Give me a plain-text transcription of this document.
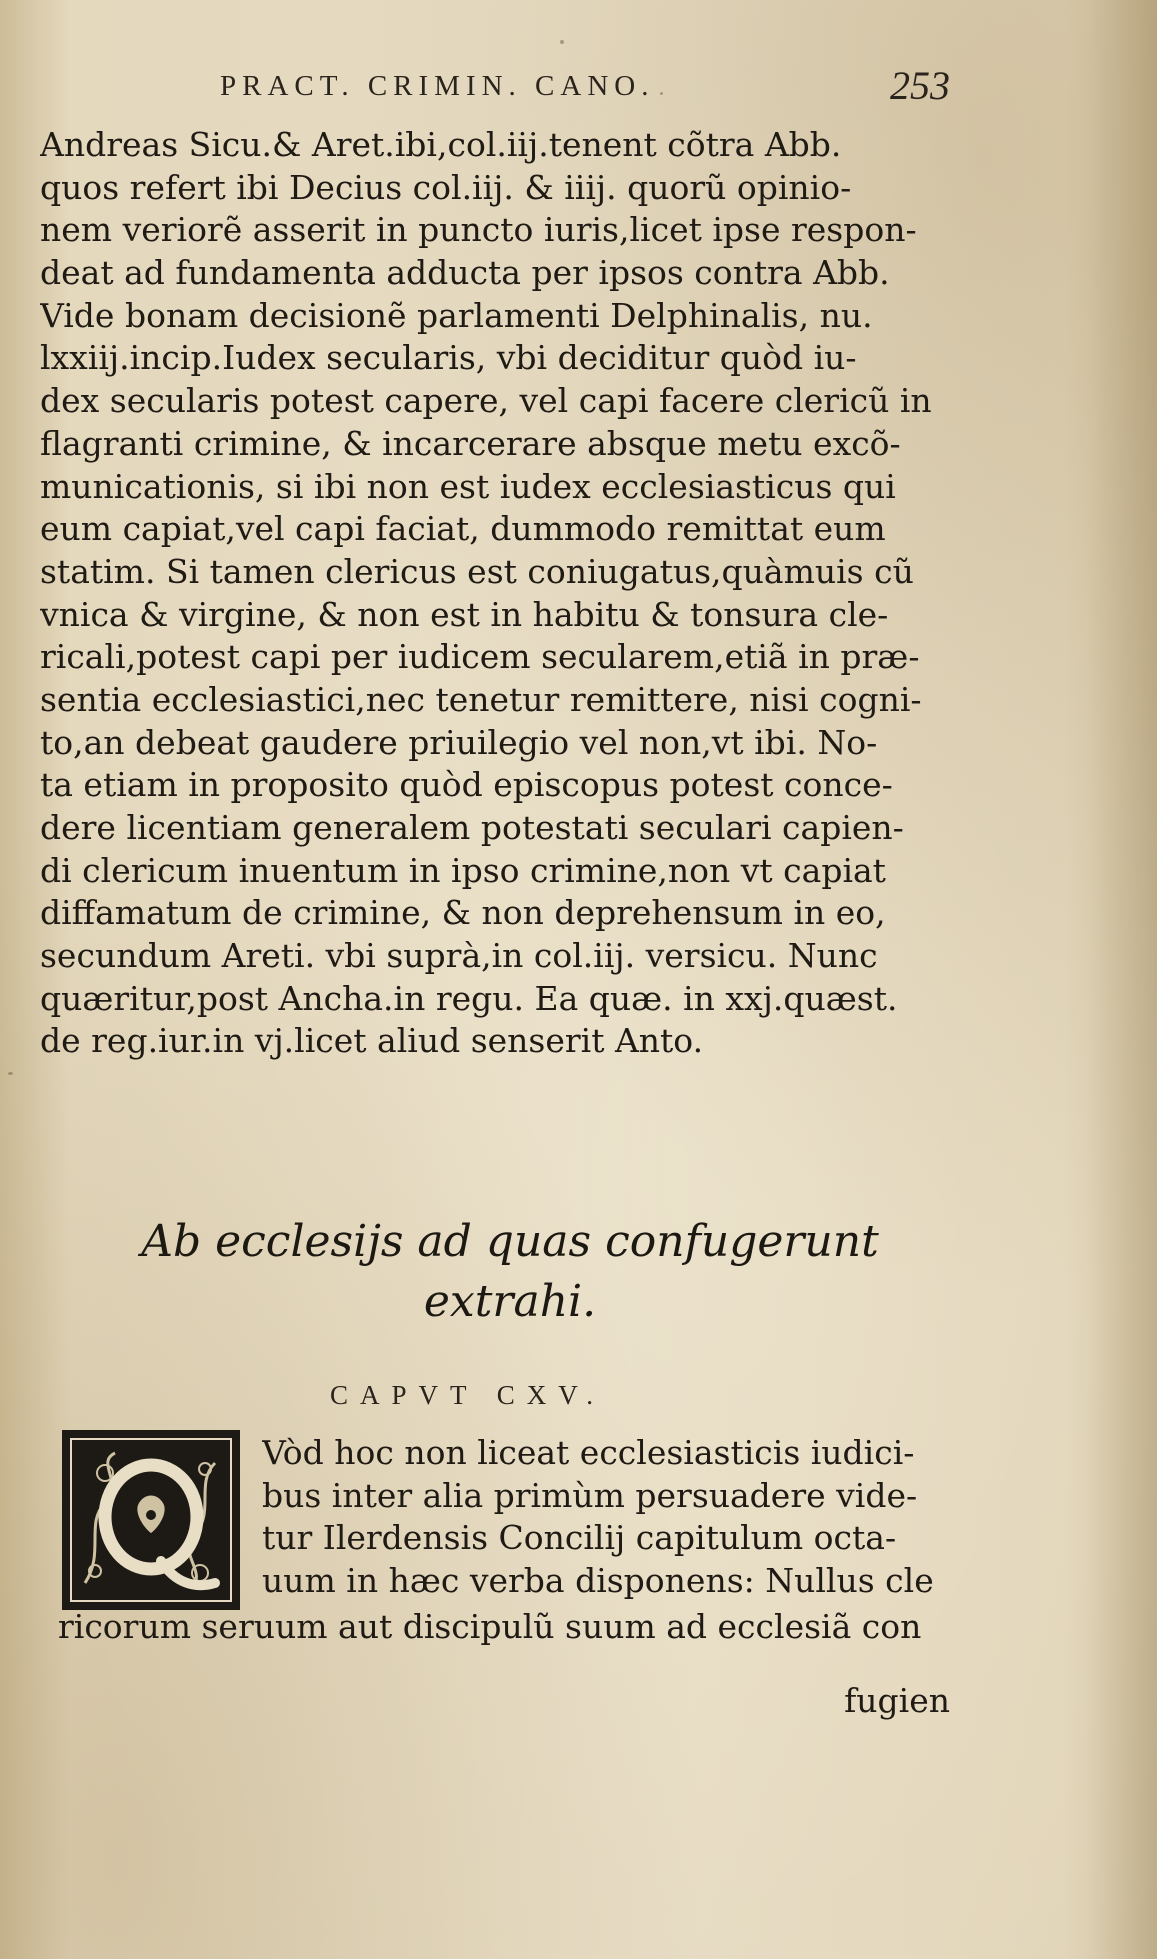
PRACT. CRIMIN. CANO.	253
Andreas Sicu.& Aret.ibi,col.iij.tenent cõtra Abb.
quos refert ibi Decius col.iij. & iiij. quorũ opinio-
nem veriorẽ asserit in puncto iuris,licet ipse respon-
deat ad fundamenta adducta per ipsos contra Abb.
Vide bonam decisionẽ parlamenti Delphinalis, nu.
lxxiij.incip.Iudex secularis, vbi deciditur quòd iu-
dex secularis potest capere, vel capi facere clericũ in
flagranti crimine, & incarcerare absque metu excõ-
municationis, si ibi non est iudex ecclesiasticus qui
eum capiat,vel capi faciat, dummodo remittat eum
statim. Si tamen clericus est coniugatus,quàmuis cũ
vnica & virgine, & non est in habitu & tonsura cle-
ricali,potest capi per iudicem secularem,etiã in præ-
sentia ecclesiastici,nec tenetur remittere, nisi cogni-
to,an debeat gaudere priuilegio vel non,vt ibi. No-
ta etiam in proposito quòd episcopus potest conce-
dere licentiam generalem potestati seculari capien-
di clericum inuentum in ipso crimine,non vt capiat
diffamatum de crimine, & non deprehensum in eo,
secundum Areti. vbi suprà,in col.iij. versicu. Nunc
quæritur,post Ancha.in regu. Ea quæ. in xxj.quæst.
de reg.iur.in vj.licet aliud senserit Anto.
Ab ecclesijs ad quas confugerunt
extrahi.
CAPVT CXV.
Vòd hoc non liceat ecclesiasticis iudici-
bus inter alia primùm persuadere vide-
tur Ilerdensis Concilij capitulum octa-
uum in hæc verba disponens: Nullus cle
ricorum seruum aut discipulũ suum ad ecclesiã con
fugien
